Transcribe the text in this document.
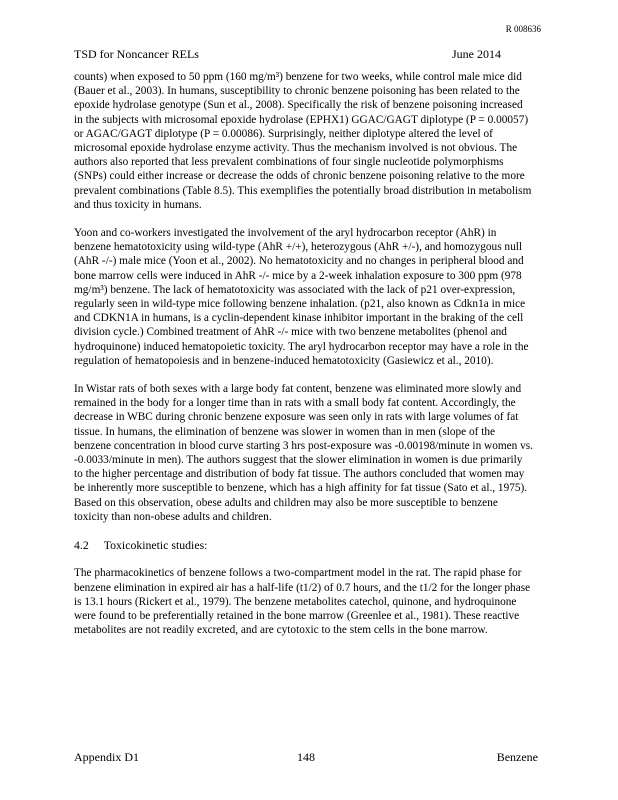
R 008636
TSD for Noncancer RELs	June 2014

counts) when exposed to 50 ppm (160 mg/m³) benzene for two weeks, while control male mice did (Bauer et al., 2003). In humans, susceptibility to chronic benzene poisoning has been related to the epoxide hydrolase genotype (Sun et al., 2008). Specifically the risk of benzene poisoning increased in the subjects with microsomal epoxide hydrolase (EPHX1) GGAC/GAGT diplotype (P = 0.00057) or AGAC/GAGT diplotype (P = 0.00086). Surprisingly, neither diplotype altered the level of microsomal epoxide hydrolase enzyme activity. Thus the mechanism involved is not obvious. The authors also reported that less prevalent combinations of four single nucleotide polymorphisms (SNPs) could either increase or decrease the odds of chronic benzene poisoning relative to the more prevalent combinations (Table 8.5). This exemplifies the potentially broad distribution in metabolism and thus toxicity in humans.

Yoon and co-workers investigated the involvement of the aryl hydrocarbon receptor (AhR) in benzene hematotoxicity using wild-type (AhR +/+), heterozygous (AhR +/-), and homozygous null (AhR -/-) male mice (Yoon et al., 2002). No hematotoxicity and no changes in peripheral blood and bone marrow cells were induced in AhR -/- mice by a 2-week inhalation exposure to 300 ppm (978 mg/m³) benzene. The lack of hematotoxicity was associated with the lack of p21 over-expression, regularly seen in wild-type mice following benzene inhalation. (p21, also known as Cdkn1a in mice and CDKN1A in humans, is a cyclin-dependent kinase inhibitor important in the braking of the cell division cycle.) Combined treatment of AhR -/- mice with two benzene metabolites (phenol and hydroquinone) induced hematopoietic toxicity. The aryl hydrocarbon receptor may have a role in the regulation of hematopoiesis and in benzene-induced hematotoxicity (Gasiewicz et al., 2010).

In Wistar rats of both sexes with a large body fat content, benzene was eliminated more slowly and remained in the body for a longer time than in rats with a small body fat content. Accordingly, the decrease in WBC during chronic benzene exposure was seen only in rats with large volumes of fat tissue. In humans, the elimination of benzene was slower in women than in men (slope of the benzene concentration in blood curve starting 3 hrs post-exposure was -0.00198/minute in women vs. -0.0033/minute in men). The authors suggest that the slower elimination in women is due primarily to the higher percentage and distribution of body fat tissue. The authors concluded that women may be inherently more susceptible to benzene, which has a high affinity for fat tissue (Sato et al., 1975). Based on this observation, obese adults and children may also be more susceptible to benzene toxicity than non-obese adults and children.

4.2 Toxicokinetic studies:

The pharmacokinetics of benzene follows a two-compartment model in the rat. The rapid phase for benzene elimination in expired air has a half-life (t1/2) of 0.7 hours, and the t1/2 for the longer phase is 13.1 hours (Rickert et al., 1979). The benzene metabolites catechol, quinone, and hydroquinone were found to be preferentially retained in the bone marrow (Greenlee et al., 1981). These reactive metabolites are not readily excreted, and are cytotoxic to the stem cells in the bone marrow.

Appendix D1	148	Benzene
